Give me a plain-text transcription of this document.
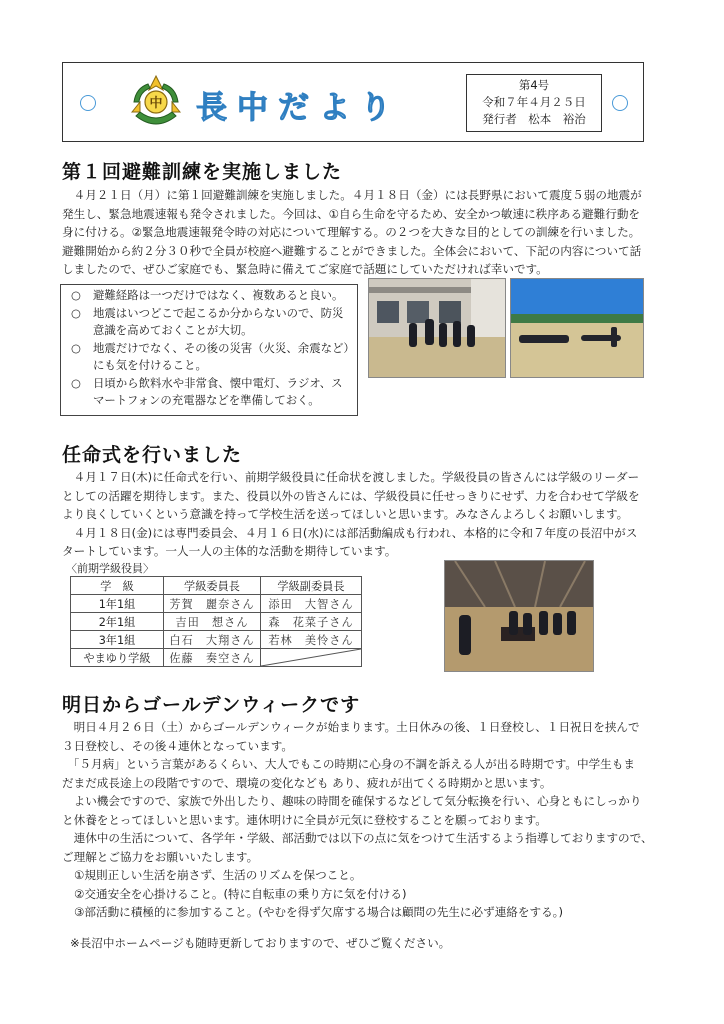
中 長中だより
第4号
令和７年４月２５日
発行者　松本　裕治
第１回避難訓練を実施しました
　４月２１日（月）に第１回避難訓練を実施しました。４月１８日（金）には長野県において震度５弱の地震が
発生し、緊急地震速報も発令されました。今回は、①自ら生命を守るため、安全かつ敏速に秩序ある避難行動を
身に付ける。②緊急地震速報発令時の対応について理解する。の２つを大きな目的としての訓練を行いました。
避難開始から約２分３０秒で全員が校庭へ避難することができました。全体会において、下記の内容について話
しましたので、ぜひご家庭でも、緊急時に備えてご家庭で話題にしていただければ幸いです。
○	避難経路は一つだけではなく、複数あると良い。
○	地震はいつどこで起こるか分からないので、防災
意識を高めておくことが大切。
○	地震だけでなく、その後の災害（火災、余震など）
にも気を付けること。
○	日頃から飲料水や非常食、懐中電灯、ラジオ、ス
マートフォンの充電器などを準備しておく。
任命式を行いました
　４月１７日(木)に任命式を行い、前期学級役員に任命状を渡しました。学級役員の皆さんには学級のリーダー
としての活躍を期待します。また、役員以外の皆さんには、学級役員に任せっきりにせず、力を合わせて学級を
より良くしていくという意識を持って学校生活を送ってほしいと思います。みなさんよろしくお願いします。
　４月１８日(金)には専門委員会、４月１６日(水)には部活動編成も行われ、本格的に令和７年度の長沼中がス
タートしています。一人一人の主体的な活動を期待しています。
〈前期学級役員〉
学　級	学級委員長	学級副委員長
1年1組	芳賀　麗奈さん	添田　大智さん
2年1組	吉田　想さん	森　花菜子さん
3年1組	白石　大翔さん	若林　美怜さん
やまゆり学級	佐藤　奏空さん	
明日からゴールデンウィークです
　明日４月２６日（土）からゴールデンウィークが始まります。土日休みの後、１日登校し、１日祝日を挟んで
３日登校し、その後４連休となっています。
　「５月病」という言葉があるくらい、大人でもこの時期に心身の不調を訴える人が出る時期です。中学生もま
だまだ成長途上の段階ですので、環境の変化なども あり、疲れが出てくる時期かと思います。
　よい機会ですので、家族で外出したり、趣味の時間を確保するなどして気分転換を行い、心身ともにしっかり
と休養をとってほしいと思います。連休明けに全員が元気に登校することを願っております。
　連休中の生活について、各学年・学級、部活動では以下の点に気をつけて生活するよう指導しておりますので、
ご理解とご協力をお願いいたします。
①規則正しい生活を崩さず、生活のリズムを保つこと。
②交通安全を心掛けること。(特に自転車の乗り方に気を付ける)
③部活動に積極的に参加すること。(やむを得ず欠席する場合は顧問の先生に必ず連絡をする。)
※長沼中ホームページも随時更新しておりますので、ぜひご覧ください。
